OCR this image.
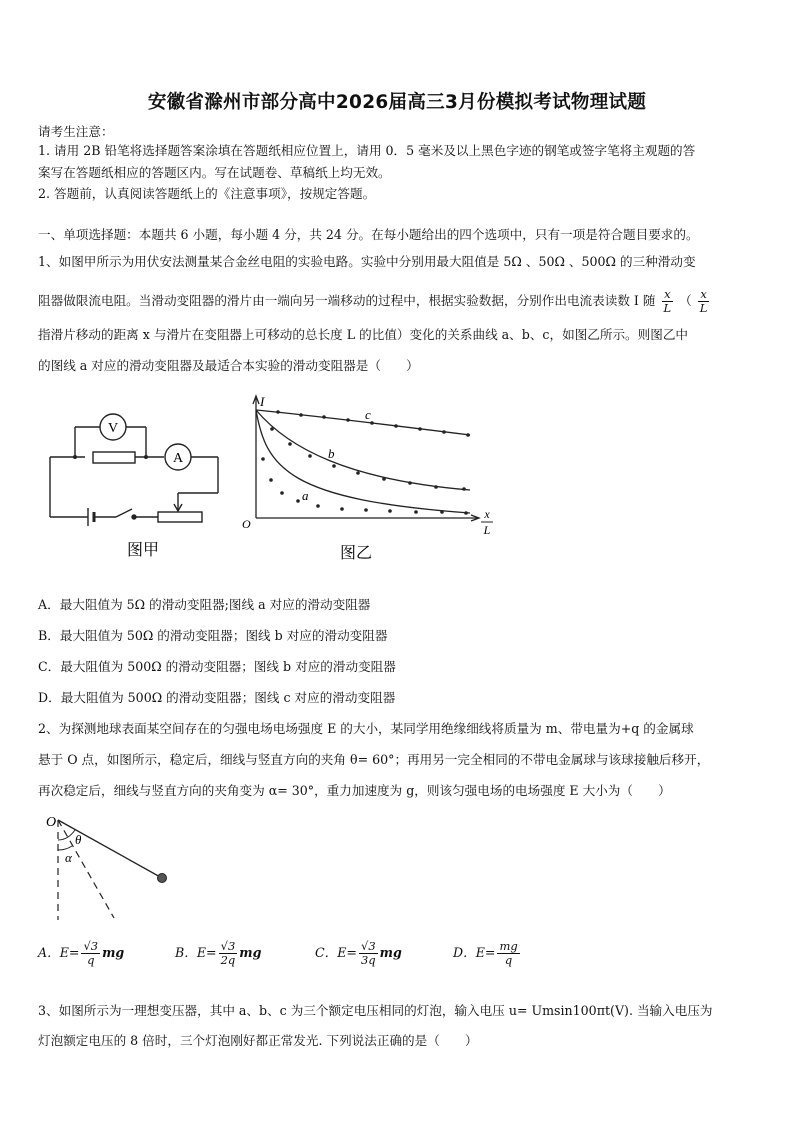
安徽省滁州市部分高中2026届高三3月份模拟考试物理试题
请考生注意：
1. 请用 2B 铅笔将选择题答案涂填在答题纸相应位置上，请用 0．5 毫米及以上黑色字迹的钢笔或签字笔将主观题的答
案写在答题纸相应的答题区内。写在试题卷、草稿纸上均无效。
2. 答题前，认真阅读答题纸上的《注意事项》，按规定答题。
一、单项选择题：本题共 6 小题，每小题 4 分，共 24 分。在每小题给出的四个选项中，只有一项是符合题目要求的。
1、如图甲所示为用伏安法测量某合金丝电阻的实验电路。实验中分别用最大阻值是 5Ω 、50Ω 、500Ω 的三种滑动变
阻器做限流电阻。当滑动变阻器的滑片由一端向另一端移动的过程中，根据实验数据，分别作出电流表读数 I 随 $\frac{x}{L}$ （ $\frac{x}{L}$
指滑片移动的距离 x 与滑片在变阻器上可移动的总长度 L 的比值）变化的关系曲线 a、b、c，如图乙所示。则图乙中
的图线 a 对应的滑动变阻器及最适合本实验的滑动变阻器是（　　）
V
A
图甲
I
O
c
b
a
x
L
图乙
A．最大阻值为 5Ω 的滑动变阻器;图线 a 对应的滑动变阻器
B．最大阻值为 50Ω 的滑动变阻器；图线 b 对应的滑动变阻器
C．最大阻值为 500Ω 的滑动变阻器；图线 b 对应的滑动变阻器
D．最大阻值为 500Ω 的滑动变阻器；图线 c 对应的滑动变阻器
2、为探测地球表面某空间存在的匀强电场电场强度 E 的大小，某同学用绝缘细线将质量为 m、带电量为+q 的金属球
悬于 O 点，如图所示，稳定后，细线与竖直方向的夹角 θ= 60°；再用另一完全相同的不带电金属球与该球接触后移开，
再次稳定后，细线与竖直方向的夹角变为 α= 30°，重力加速度为 g，则该匀强电场的电场强度 E 大小为（　　）
O
θ
α
A．$E= \frac{√3}{q}$ mg	B．$E= \frac{√3}{2q}$ mg	C．$E= \frac{√3}{3q}$ mg	D．$E= \frac{mg}{q}$
3、如图所示为一理想变压器，其中 a、b、c 为三个额定电压相同的灯泡，输入电压 u= Umsin100πt(V). 当输入电压为
灯泡额定电压的 8 倍时，三个灯泡刚好都正常发光. 下列说法正确的是（　　）
